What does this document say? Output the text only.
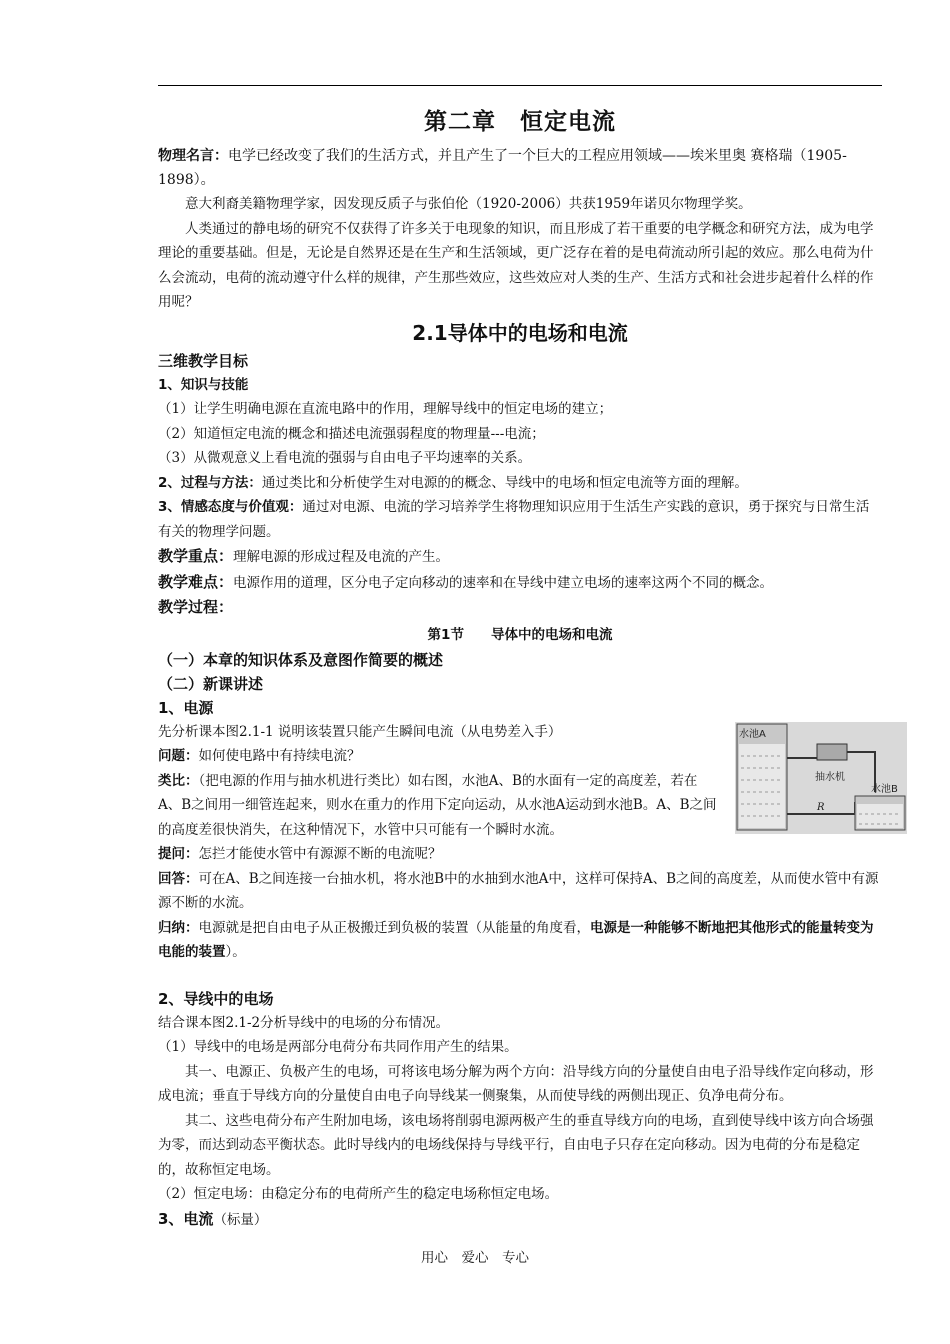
第二章　恒定电流

物理名言：电学已经改变了我们的生活方式，并且产生了一个巨大的工程应用领域——埃米里奥 赛格瑞（1905-1898）。

意大利裔美籍物理学家，因发现反质子与张伯伦（1920-2006）共获1959年诺贝尔物理学奖。

人类通过的静电场的研究不仅获得了许多关于电现象的知识，而且形成了若干重要的电学概念和研究方法，成为电学理论的重要基础。但是，无论是自然界还是在生产和生活领域，更广泛存在着的是电荷流动所引起的效应。那么电荷为什么会流动，电荷的流动遵守什么样的规律，产生那些效应，这些效应对人类的生产、生活方式和社会进步起着什么样的作用呢？

2.1导体中的电场和电流

三维教学目标

1、知识与技能

（1）让学生明确电源在直流电路中的作用，理解导线中的恒定电场的建立；

（2）知道恒定电流的概念和描述电流强弱程度的物理量---电流；

（3）从微观意义上看电流的强弱与自由电子平均速率的关系。

2、过程与方法：通过类比和分析使学生对电源的的概念、导线中的电场和恒定电流等方面的理解。

3、情感态度与价值观：通过对电源、电流的学习培养学生将物理知识应用于生活生产实践的意识，勇于探究与日常生活有关的物理学问题。

教学重点：理解电源的形成过程及电流的产生。

教学难点：电源作用的道理，区分电子定向移动的速率和在导线中建立电场的速率这两个不同的概念。

教学过程：

第1节　　导体中的电场和电流

（一）本章的知识体系及意图作简要的概述

（二）新课讲述

1、电源

水池A
抽水机
R
水池B

先分析课本图2.1-1 说明该装置只能产生瞬间电流（从电势差入手）

问题：如何使电路中有持续电流？

类比：（把电源的作用与抽水机进行类比）如右图，水池A、B的水面有一定的高度差，若在A、B之间用一细管连起来，则水在重力的作用下定向运动，从水池A运动到水池B。A、B之间的高度差很快消失，在这种情况下，水管中只可能有一个瞬时水流。

提问：怎拦才能使水管中有源源不断的电流呢？

回答：可在A、B之间连接一台抽水机，将水池B中的水抽到水池A中，这样可保持A、B之间的高度差，从而使水管中有源源不断的水流。

归纳：电源就是把自由电子从正极搬迁到负极的装置（从能量的角度看，电源是一种能够不断地把其他形式的能量转变为电能的装置）。

2、导线中的电场

结合课本图2.1-2分析导线中的电场的分布情况。

（1）导线中的电场是两部分电荷分布共同作用产生的结果。

其一、电源正、负极产生的电场，可将该电场分解为两个方向：沿导线方向的分量使自由电子沿导线作定向移动，形成电流；垂直于导线方向的分量使自由电子向导线某一侧聚集，从而使导线的两侧出现正、负净电荷分布。

其二、这些电荷分布产生附加电场，该电场将削弱电源两极产生的垂直导线方向的电场，直到使导线中该方向合场强为零，而达到动态平衡状态。此时导线内的电场线保持与导线平行，自由电子只存在定向移动。因为电荷的分布是稳定的，故称恒定电场。

（2）恒定电场：由稳定分布的电荷所产生的稳定电场称恒定电场。

3、电流（标量）

用心　爱心　专心
